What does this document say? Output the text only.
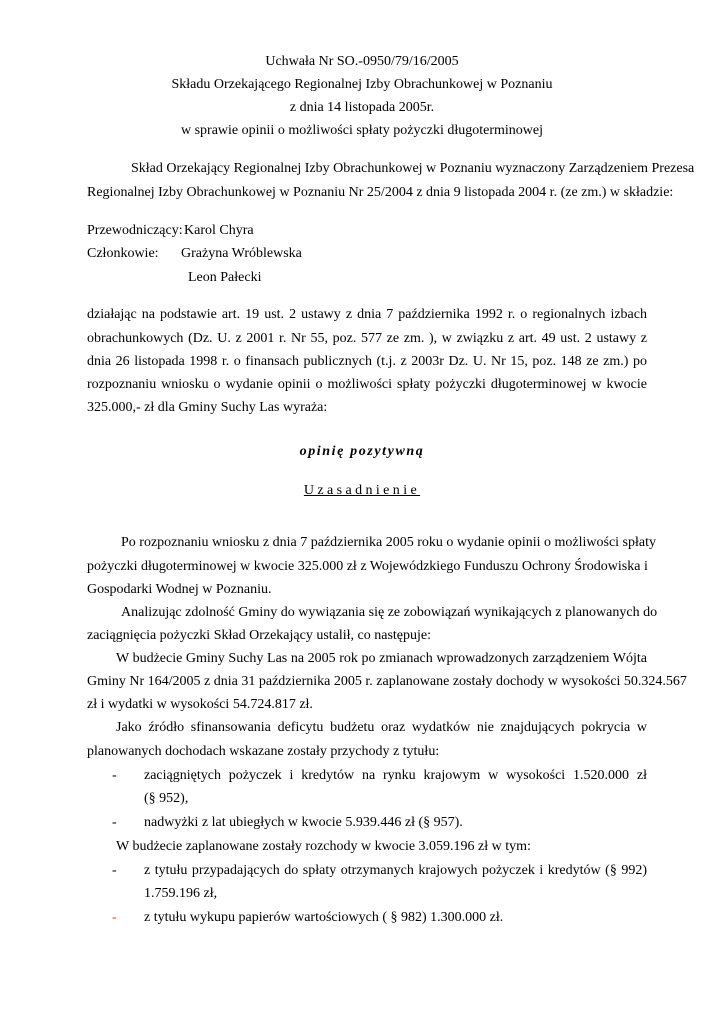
Uchwała Nr SO.-0950/79/16/2005
Składu Orzekającego Regionalnej Izby Obrachunkowej w Poznaniu
z dnia 14 listopada 2005r.
w sprawie opinii o możliwości spłaty pożyczki długoterminowej
Skład Orzekający Regionalnej Izby Obrachunkowej w Poznaniu wyznaczony Zarządzeniem Prezesa
Regionalnej Izby Obrachunkowej w Poznaniu Nr 25/2004 z dnia 9 listopada 2004 r. (ze zm.) w składzie:
Przewodniczący: Karol Chyra
Członkowie: Grażyna Wróblewska
Leon Pałecki
działając na podstawie art. 19 ust. 2 ustawy z dnia 7 października 1992 r. o regionalnych izbach
obrachunkowych (Dz. U. z 2001 r. Nr 55, poz. 577 ze zm. ), w związku z art. 49 ust. 2 ustawy z
dnia 26 listopada 1998 r. o finansach publicznych (t.j. z 2003r Dz. U. Nr 15, poz. 148 ze zm.) po
rozpoznaniu wniosku o wydanie opinii o możliwości spłaty pożyczki długoterminowej w kwocie
325.000,- zł dla Gminy Suchy Las wyraża:
opinię pozytywną
Uzasadnienie
Po rozpoznaniu wniosku z dnia 7 października 2005 roku o wydanie opinii o możliwości spłaty
pożyczki długoterminowej w kwocie 325.000 zł z Wojewódzkiego Funduszu Ochrony Środowiska i
Gospodarki Wodnej w Poznaniu.
Analizując zdolność Gminy do wywiązania się ze zobowiązań wynikających z planowanych do
zaciągnięcia pożyczki Skład Orzekający ustalił, co następuje:
W budżecie Gminy Suchy Las na 2005 rok po zmianach wprowadzonych zarządzeniem Wójta
Gminy Nr 164/2005 z dnia 31 października 2005 r. zaplanowane zostały dochody w wysokości 50.324.567
zł i wydatki w wysokości 54.724.817 zł.
Jako źródło sfinansowania deficytu budżetu oraz wydatków nie znajdujących pokrycia w
planowanych dochodach wskazane zostały przychody z tytułu:
- zaciągniętych pożyczek i kredytów na rynku krajowym w wysokości 1.520.000 zł
(§ 952),
- nadwyżki z lat ubiegłych w kwocie 5.939.446 zł (§ 957).
W budżecie zaplanowane zostały rozchody w kwocie 3.059.196 zł w tym:
- z tytułu przypadających do spłaty otrzymanych krajowych pożyczek i kredytów (§ 992)
1.759.196 zł,
- z tytułu wykupu papierów wartościowych ( § 982) 1.300.000 zł.
